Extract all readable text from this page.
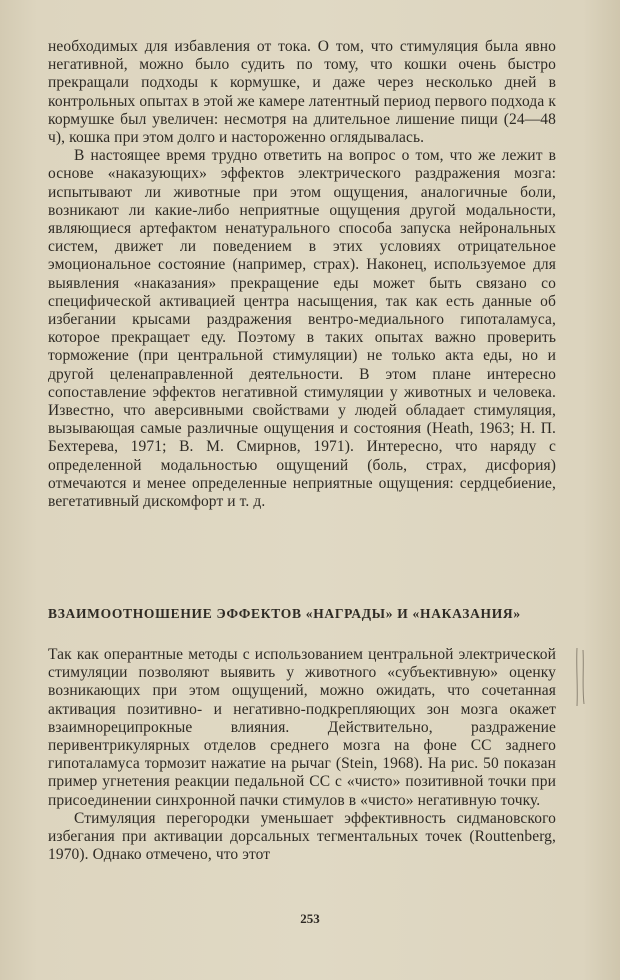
необходимых для избавления от тока. О том, что стимуляция была явно негативной, можно было судить по тому, что кошки очень быстро прекращали подходы к кормушке, и даже через несколько дней в контрольных опытах в этой же камере латентный период первого подхода к кормушке был увеличен: несмотря на длительное лишение пищи (24—48 ч), кошка при этом долго и настороженно оглядывалась.

В настоящее время трудно ответить на вопрос о том, что же лежит в основе «наказующих» эффектов электрического раздражения мозга: испытывают ли животные при этом ощущения, аналогичные боли, возникают ли какие-либо неприятные ощущения другой модальности, являющиеся артефактом ненатурального способа запуска нейрональных систем, движет ли поведением в этих условиях отрицательное эмоциональное состояние (например, страх). Наконец, используемое для выявления «наказания» прекращение еды может быть связано со специфической активацией центра насыщения, так как есть данные об избегании крысами раздражения вентро-медиального гипоталамуса, которое прекращает еду. Поэтому в таких опытах важно проверить торможение (при центральной стимуляции) не только акта еды, но и другой целенаправленной деятельности. В этом плане интересно сопоставление эффектов негативной стимуляции у животных и человека. Известно, что аверсивными свойствами у людей обладает стимуляция, вызывающая самые различные ощущения и состояния (Heath, 1963; Н. П. Бехтерева, 1971; В. М. Смирнов, 1971). Интересно, что наряду с определенной модальностью ощущений (боль, страх, дисфория) отмечаются и менее определенные неприятные ощущения: сердцебиение, вегетативный дискомфорт и т. д.

ВЗАИМООТНОШЕНИЕ ЭФФЕКТОВ «НАГРАДЫ» И «НАКАЗАНИЯ»

Так как оперантные методы с использованием центральной электрической стимуляции позволяют выявить у животного «субъективную» оценку возникающих при этом ощущений, можно ожидать, что сочетанная активация позитивно- и негативно-подкрепляющих зон мозга окажет взаимнореципрокные влияния. Действительно, раздражение перивентрикулярных отделов среднего мозга на фоне СС заднего гипоталамуса тормозит нажатие на рычаг (Stein, 1968). На рис. 50 показан пример угнетения реакции педальной СС с «чисто» позитивной точки при присоединении синхронной пачки стимулов в «чисто» негативную точку.

Стимуляция перегородки уменьшает эффективность сидмановского избегания при активации дорсальных тегментальных точек (Routtenberg, 1970). Однако отмечено, что этот

253
